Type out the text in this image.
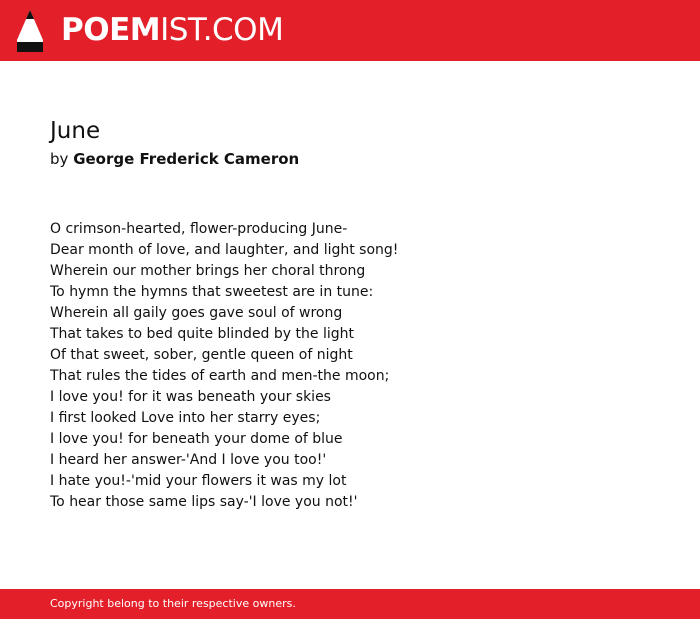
POEMIST.COM
June
by George Frederick Cameron
O crimson-hearted, flower-producing June-
Dear month of love, and laughter, and light song!
Wherein our mother brings her choral throng
To hymn the hymns that sweetest are in tune:
Wherein all gaily goes gave soul of wrong
That takes to bed quite blinded by the light
Of that sweet, sober, gentle queen of night
That rules the tides of earth and men-the moon;
I love you! for it was beneath your skies
I first looked Love into her starry eyes;
I love you! for beneath your dome of blue
I heard her answer-'And I love you too!'
I hate you!-'mid your flowers it was my lot
To hear those same lips say-'I love you not!'
Copyright belong to their respective owners.
